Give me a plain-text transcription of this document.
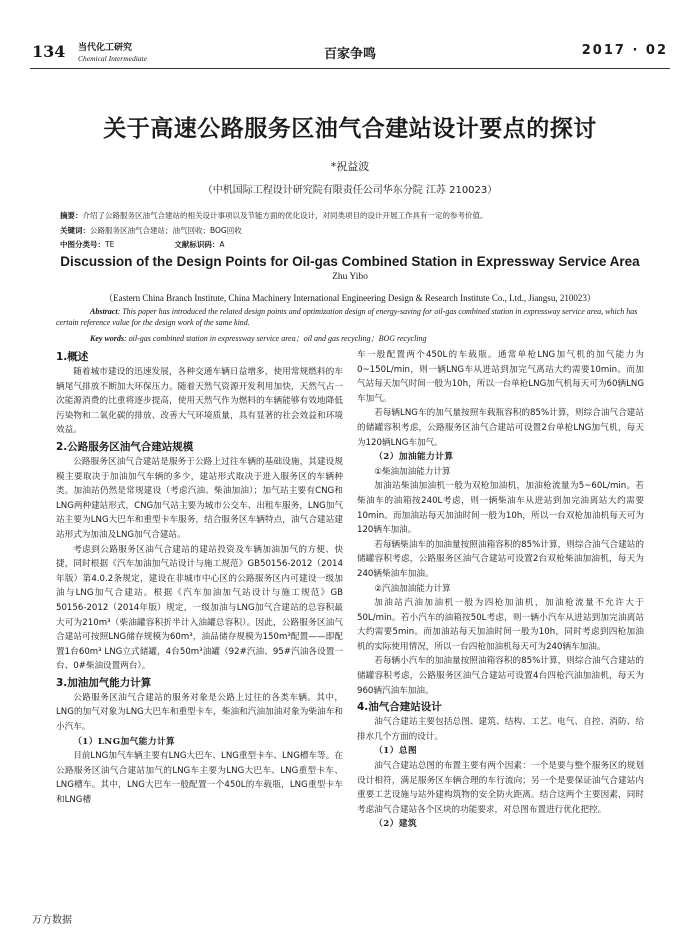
134 当代化工研究
Chemical Intermediate	百家争鸣	2017 · 02
关于高速公路服务区油气合建站设计要点的探讨
*祝益波
（中机国际工程设计研究院有限责任公司华东分院 江苏 210023）
摘要：介绍了公路服务区油气合建站的相关设计事项以及节能方面的优化设计，对同类项目的设计开展工作具有一定的参考价值。
关键词：公路服务区油气合建站；油气回收；BOG回收
中图分类号：TE	文献标识码：A
Discussion of the Design Points for Oil-gas Combined Station in Expressway Service Area
Zhu Yibo
（Eastern China Branch Institute, China Machinery International Engineering Design & Research Institute Co., Ltd., Jiangsu, 210023）
Abstract: This paper has introduced the related design points and optimization design of energy-saving for oil-gas combined station in expressway service area, which has certain reference value for the design work of the same kind.
Key words: oil-gas combined station in expressway service area；oil and gas recycling；BOG recycling
1.概述

随着城市建设的迅速发展，各种交通车辆日益增多，使用常规燃料的车辆尾气排放不断加大环保压力。随着天然气资源开发利用加快，天然气占一次能源消费的比重将逐步提高，使用天然气作为燃料的车辆能够有效地降低污染物和二氧化碳的排放、改善大气环境质量，具有显著的社会效益和环境效益。

2.公路服务区油气合建站规模

公路服务区油气合建站是服务于公路上过往车辆的基础设施，其建设规模主要取决于加油加气车辆的多少，建站形式取决于进入服务区的车辆种类。加油站仍然是常规建设（考虑汽油、柴油加油）；加气站主要有CNG和LNG两种建站形式，CNG加气站主要为城市公交车、出租车服务，LNG加气站主要为LNG大巴车和重型卡车服务，结合服务区车辆特点，油气合建站建站形式为加油及LNG加气合建站。

考虑到公路服务区油气合建站的建站投资及车辆加油加气的方便、快捷，同时根据《汽车加油加气站设计与施工规范》GB50156-2012（2014年版）第4.0.2条规定，建设在非城市中心区的公路服务区内可建设一级加油与LNG加气合建站。根据《汽车加油加气站设计与施工规范》GB 50156-2012（2014年版）规定，一级加油与LNG加气合建站的总容积最大可为210m³（柴油罐容积折半计入油罐总容积）。因此，公路服务区油气合建站可按照LNG储存规模为60m³，油品储存规模为150m³配置——即配置1台60m³ LNG立式储罐，4台50m³油罐（92#汽油、95#汽油各设置一台、0#柴油设置两台）。

3.加油加气能力计算

公路服务区油气合建站的服务对象是公路上过往的各类车辆。其中，LNG的加气对象为LNG大巴车和重型卡车，柴油和汽油加油对象为柴油车和小汽车。

（1）LNG加气能力计算

目前LNG加气车辆主要有LNG大巴车、LNG重型卡车、LNG槽车等。在公路服务区油气合建站加气的LNG车主要为LNG大巴车、LNG重型卡车、LNG槽车。其中，LNG大巴车一般配置一个450L的车载瓶，LNG重型卡车和LNG槽

车一般配置两个450L的车载瓶。通常单枪LNG加气机的加气能力为0~150L/min，则一辆LNG车从进站到加完气离站大约需要10min。而加气站每天加气时间一般为10h，所以一台单枪LNG加气机每天可为60辆LNG车加气。

若每辆LNG车的加气量按照车载瓶容积的85%计算，则综合油气合建站的储罐容积考虑，公路服务区油气合建站可设置2台单枪LNG加气机，每天为120辆LNG车加气。

（2）加油能力计算

①柴油加油能力计算

加油站柴油加油机一般为双枪加油机，加油枪流量为5~60L/min。若柴油车的油箱按240L考虑，则一辆柴油车从进站到加完油离站大约需要10min。而加油站每天加油时间一般为10h，所以一台双枪加油机每天可为120辆车加油。

若每辆柴油车的加油量按照油箱容积的85%计算，则综合油气合建站的储罐容积考虑，公路服务区油气合建站可设置2台双枪柴油加油机，每天为240辆柴油车加油。

②汽油加油能力计算

加油站汽油加油机一般为四枪加油机，加油枪流量不允许大于50L/min。若小汽车的油箱按50L考虑，则一辆小汽车从进站到加完油离站大约需要5min。而加油站每天加油时间一般为10h，同时考虑到四枪加油机的实际使用情况，所以一台四枪加油机每天可为240辆车加油。

若每辆小汽车的加油量按照油箱容积的85%计算，则综合油气合建站的储罐容积考虑，公路服务区油气合建站可设置4台四枪汽油加油机，每天为960辆汽油车加油。

4.油气合建站设计

油气合建站主要包括总图、建筑、结构、工艺、电气、自控、消防、给排水几个方面的设计。

（1）总图

油气合建站总图的布置主要有两个因素：一个是要与整个服务区的规划设计相符，满足服务区车辆合理的车行流向；另一个是要保证油气合建站内重要工艺设施与站外建构筑物的安全防火距离。结合这两个主要因素，同时考虑油气合建站各个区块的功能要求，对总图布置进行优化把控。

（2）建筑
万方数据
